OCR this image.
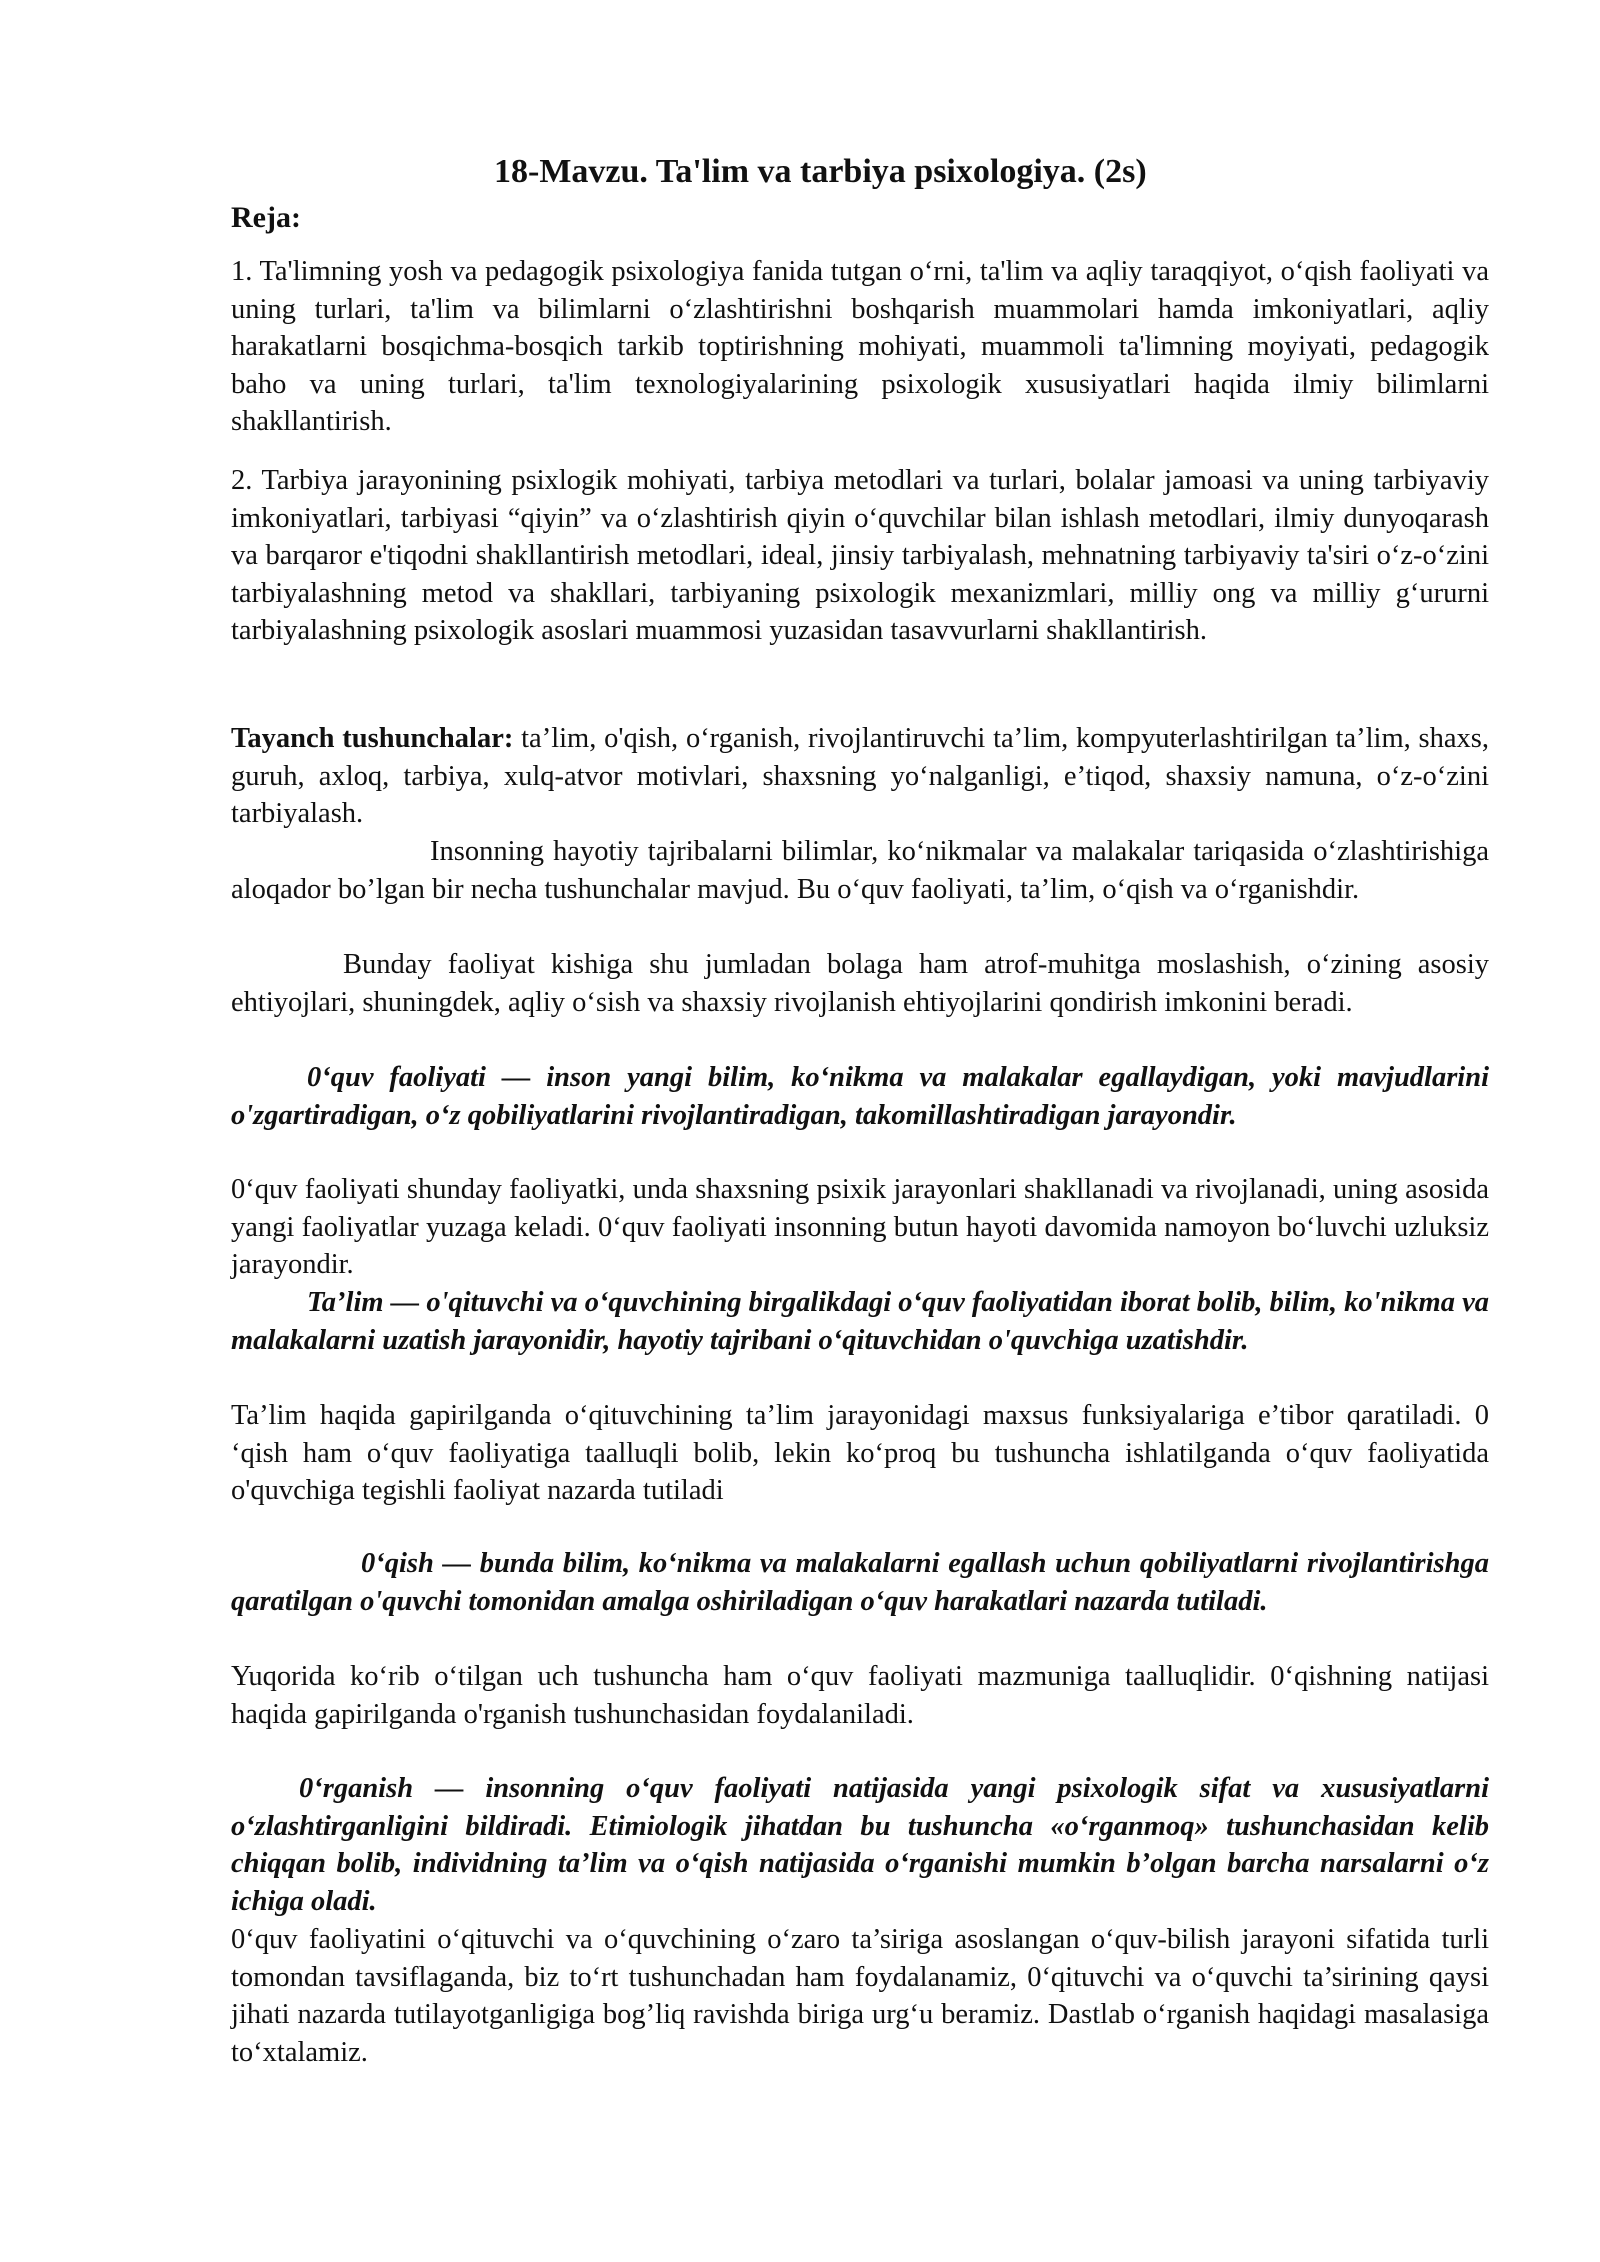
18-Mavzu. Ta'lim va tarbiya psixologiya. (2s)
Reja:
1. Ta'limning yosh va pedagogik psixologiya fanida tutgan o‘rni, ta'lim va aqliy taraqqiyot, o‘qish faoliyati va uning turlari, ta'lim va bilimlarni o‘zlashtirishni boshqarish muammolari hamda imkoniyatlari, aqliy harakatlarni bosqichma-bosqich tarkib toptirishning mohiyati, muammoli ta'limning moyiyati, pedagogik baho va uning turlari, ta'lim texnologiyalarining psixologik xususiyatlari haqida ilmiy bilimlarni shakllantirish.
2. Tarbiya jarayonining psixlogik mohiyati, tarbiya metodlari va turlari, bolalar jamoasi va uning tarbiyaviy imkoniyatlari, tarbiyasi “qiyin” va o‘zlashtirish qiyin o‘quvchilar bilan ishlash metodlari, ilmiy dunyoqarash va barqaror e'tiqodni shakllantirish metodlari, ideal, jinsiy tarbiyalash, mehnatning tarbiyaviy ta'siri o‘z-o‘zini tarbiyalashning metod va shakllari, tarbiyaning psixologik mexanizmlari, milliy ong va milliy g‘ururni tarbiyalashning psixologik asoslari muammosi yuzasidan tasavvurlarni shakllantirish.
Tayanch tushunchalar: ta’lim, o'qish, o‘rganish, rivojlantiruvchi ta’lim, kompyuterlashtirilgan ta’lim, shaxs, guruh, axloq, tarbiya, xulq-atvor motivlari, shaxsning yo‘nalganligi, e’tiqod, shaxsiy namuna, o‘z-o‘zini tarbiyalash.
Insonning hayotiy tajribalarni bilimlar, ko‘nikmalar va malakalar tariqasida o‘zlashtirishiga aloqador bo’lgan bir necha tushunchalar mavjud. Bu o‘quv faoliyati, ta’lim, o‘qish va o‘rganishdir.
Bunday faoliyat kishiga shu jumladan bolaga ham atrof-muhitga moslashish, o‘zining asosiy ehtiyojlari, shuningdek, aqliy o‘sish va shaxsiy rivojlanish ehtiyojlarini qondirish imkonini beradi.
0‘quv faoliyati — inson yangi bilim, ko‘nikma va malakalar egallaydigan, yoki mavjudlarini o'zgartiradigan, o‘z qobiliyatlarini rivojlantiradigan, takomillashtiradigan jarayondir.
0‘quv faoliyati shunday faoliyatki, unda shaxsning psixik jarayonlari shakllanadi va rivojlanadi, uning asosida yangi faoliyatlar yuzaga keladi. 0‘quv faoliyati insonning butun hayoti davomida namoyon bo‘luvchi uzluksiz jarayondir.
Ta’lim — o'qituvchi va o‘quvchining birgalikdagi o‘quv faoliyatidan iborat bolib, bilim, ko'nikma va malakalarni uzatish jarayonidir, hayotiy tajribani o‘qituvchidan o'quvchiga uzatishdir.
Ta’lim haqida gapirilganda o‘qituvchining ta’lim jarayonidagi maxsus funksiyalariga e’tibor qaratiladi. 0 ‘qish ham o‘quv faoliyatiga taalluqli bolib, lekin ko‘proq bu tushuncha ishlatilganda o‘quv faoliyatida o'quvchiga tegishli faoliyat nazarda tutiladi
0‘qish — bunda bilim, ko‘nikma va malakalarni egallash uchun qobiliyatlarni rivojlantirishga qaratilgan o'quvchi tomonidan amalga oshiriladigan o‘quv harakatlari nazarda tutiladi.
Yuqorida ko‘rib o‘tilgan uch tushuncha ham o‘quv faoliyati mazmuniga taalluqlidir. 0‘qishning natijasi haqida gapirilganda o'rganish tushunchasidan foydalaniladi.
0‘rganish — insonning o‘quv faoliyati natijasida yangi psixologik sifat va xususiyatlarni o‘zlashtirganligini bildiradi. Etimiologik jihatdan bu tushuncha «o‘rganmoq» tushunchasidan kelib chiqqan bolib, individning ta’lim va o‘qish natijasida o‘rganishi mumkin b’olgan barcha narsalarni o‘z ichiga oladi.
0‘quv faoliyatini o‘qituvchi va o‘quvchining o‘zaro ta’siriga asoslangan o‘quv-bilish jarayoni sifatida turli tomondan tavsiflaganda, biz to‘rt tushunchadan ham foydalanamiz, 0‘qituvchi va o‘quvchi ta’sirining qaysi jihati nazarda tutilayotganligiga bog’liq ravishda biriga urg‘u beramiz. Dastlab o‘rganish haqidagi masalasiga to‘xtalamiz.
